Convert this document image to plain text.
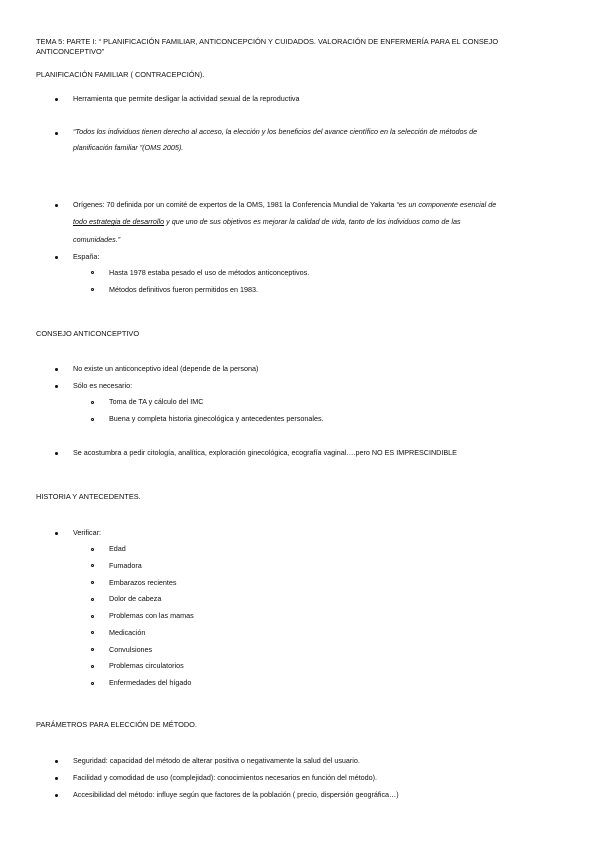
TEMA 5: PARTE I: “ PLANIFICACIÓN FAMILIAR, ANTICONCEPCIÓN Y CUIDADOS. VALORACIÓN DE ENFERMERÍA PARA EL CONSEJO
ANTICONCEPTIVO”
PLANIFICACIÓN FAMILIAR ( CONTRACEPCIÓN).
Herramienta que permite desligar la actividad sexual de la reproductiva
“Todos los individuos tienen derecho al acceso, la elección y los beneficios del avance científico en la selección de métodos de
planificación familiar ”(OMS 2005).
Orígenes: 70 definida por un comité de expertos de la OMS, 1981 la Conferencia Mundial de Yakarta “es un componente esencial de
todo estrategia de desarrollo y que uno de sus objetivos es mejorar la calidad de vida, tanto de los individuos como de las
comunidades.”
España:
Hasta 1978 estaba pesado el uso de métodos anticonceptivos.
Métodos definitivos fueron permitidos en 1983.
CONSEJO ANTICONCEPTIVO
No existe un anticonceptivo ideal (depende de la persona)
Sólo es necesario:
Toma de TA y cálculo del IMC
Buena y completa historia ginecológica y antecedentes personales.
Se acostumbra a pedir citología, analítica, exploración ginecológica, ecografía vaginal….pero NO ES IMPRESCINDIBLE
HISTORIA Y ANTECEDENTES.
Verificar:
Edad
Fumadora
Embarazos recientes
Dolor de cabeza
Problemas con las mamas
Medicación
Convulsiones
Problemas circulatorios
Enfermedades del hígado
PARÁMETROS PARA ELECCIÓN DE MÉTODO.
Seguridad: capacidad del método de alterar positiva o negativamente la salud del usuario.
Facilidad y comodidad de uso (complejidad): conocimientos necesarios en función del método).
Accesibilidad del método: influye según que factores de la población ( precio, dispersión geográfica…)
